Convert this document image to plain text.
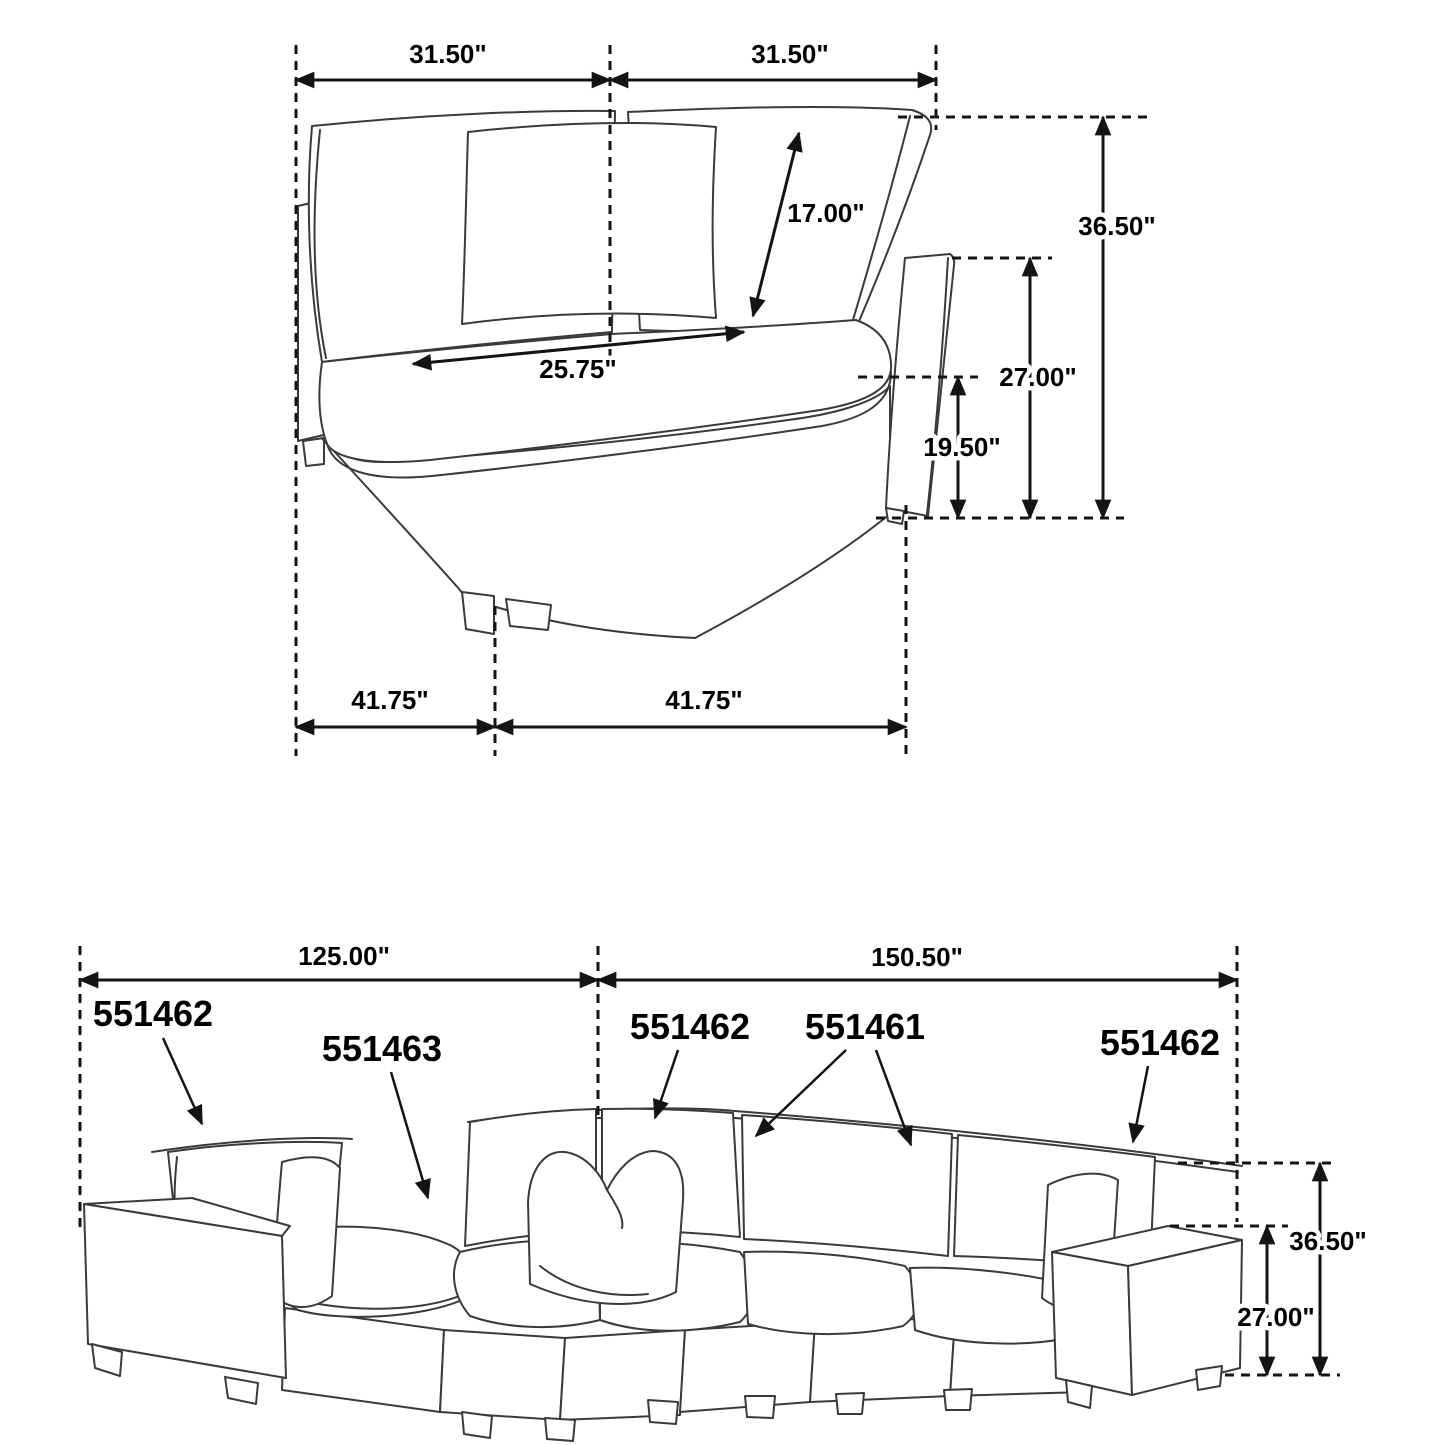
31.50"	31.50"
17.00"	36.50"
25.75"	27.00"
19.50"
41.75"	41.75"
125.00"	150.50"
36.50"
27.00"
551462
551463
551462 551461	551462
